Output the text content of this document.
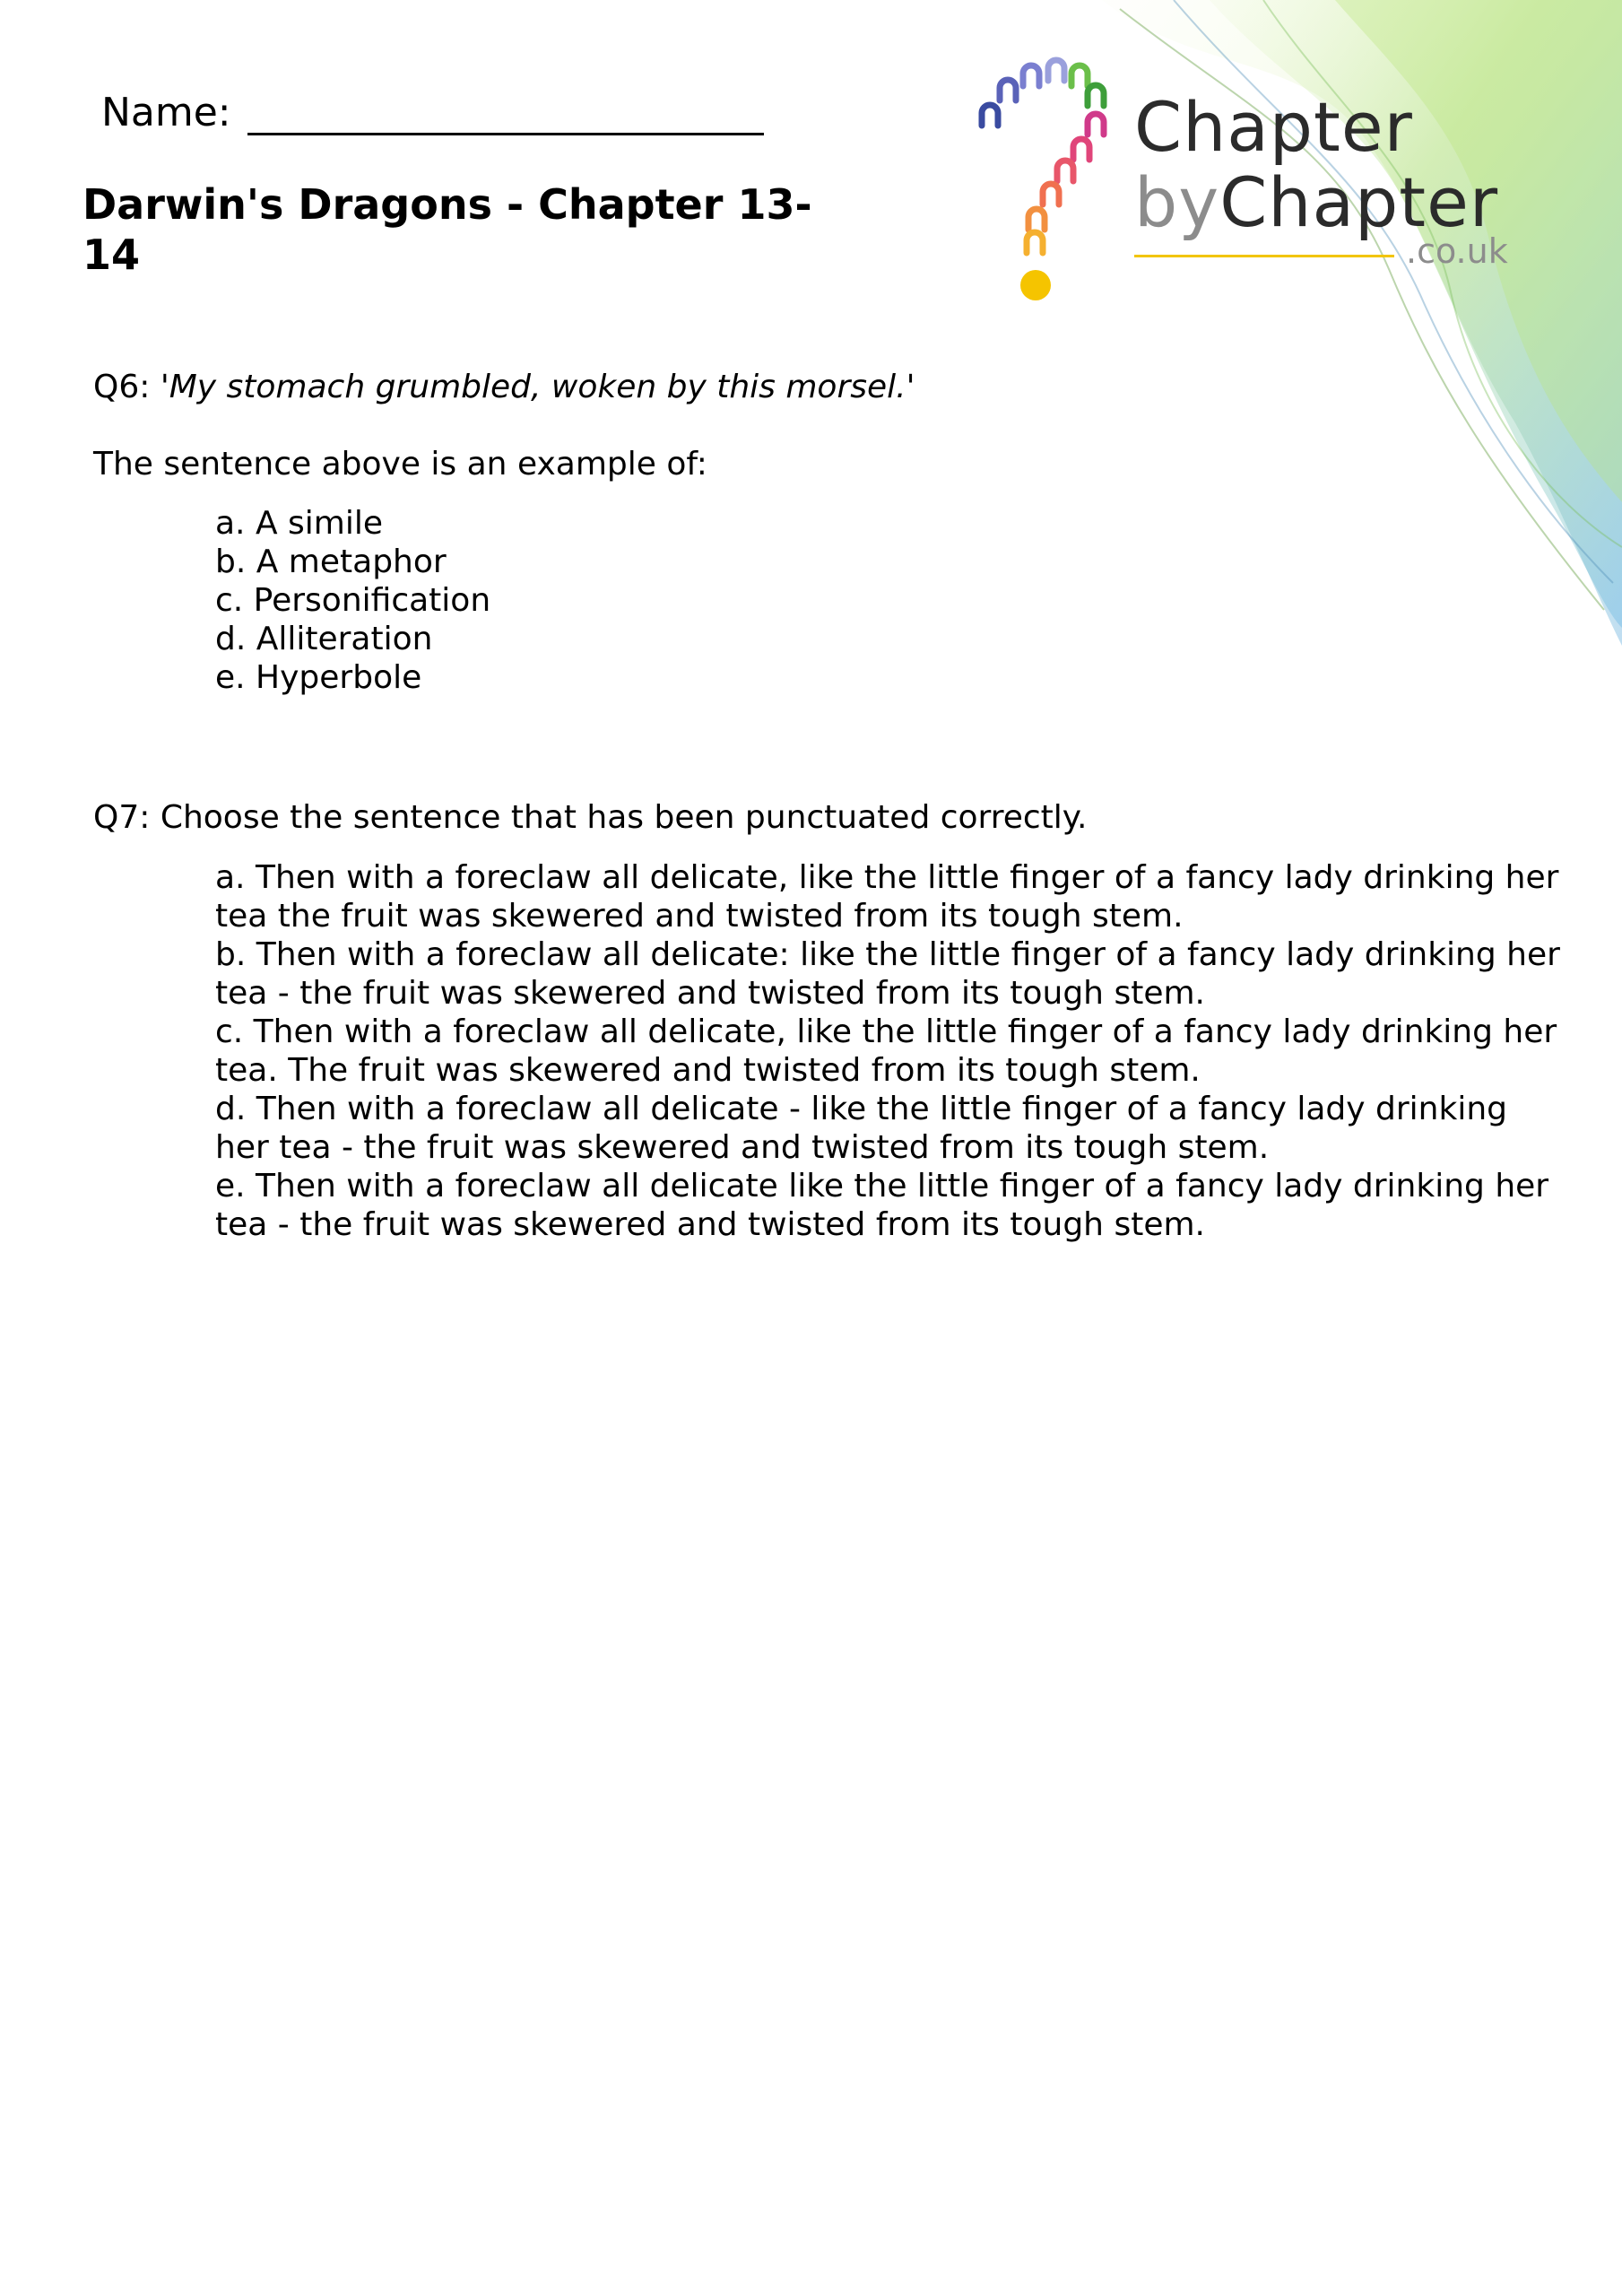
Name:
Darwin's Dragons - Chapter 13-14
Chapter
byChapter
.co.uk
Q6: 'My stomach grumbled, woken by this morsel.'
The sentence above is an example of:
a. A simile
b. A metaphor
c. Personification
d. Alliteration
e. Hyperbole
Q7: Choose the sentence that has been punctuated correctly.
a. Then with a foreclaw all delicate, like the little finger of a fancy lady drinking her tea the fruit was skewered and twisted from its tough stem.
b. Then with a foreclaw all delicate: like the little finger of a fancy lady drinking her tea - the fruit was skewered and twisted from its tough stem.
c. Then with a foreclaw all delicate, like the little finger of a fancy lady drinking her tea. The fruit was skewered and twisted from its tough stem.
d. Then with a foreclaw all delicate - like the little finger of a fancy lady drinking her tea - the fruit was skewered and twisted from its tough stem.
e. Then with a foreclaw all delicate like the little finger of a fancy lady drinking her tea - the fruit was skewered and twisted from its tough stem.
